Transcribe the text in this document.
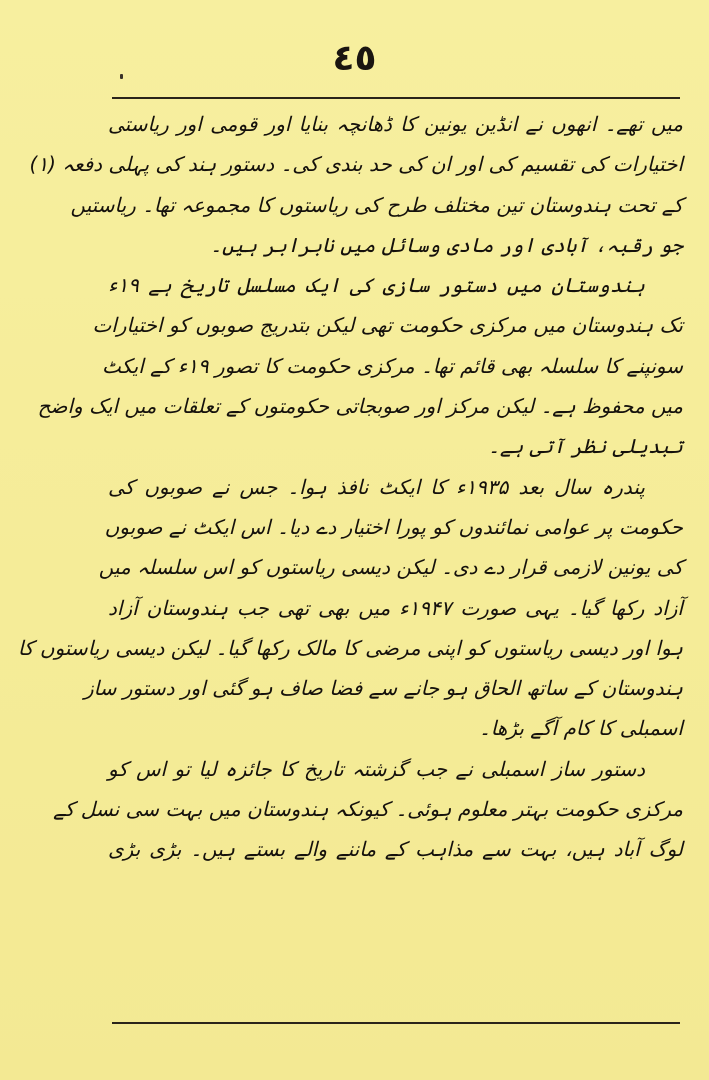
٤٥
میں تھے۔ انھوں نے انڈین یونین کا ڈھانچہ بنایا اور قومی اور ریاستی
اختیارات کی تقسیم کی اور ان کی حد بندی کی۔ دستور ہند کی پہلی دفعہ (۱)
کے تحت ہندوستان تین مختلف طرح کی ریاستوں کا مجموعہ تھا۔ ریاستیں
جو رقبہ، آبادی اور مادی وسائل میں نابرابر ہیں۔
ہندوستان میں دستور سازی کی ایک مسلسل تاریخ ہے ۱۹ء
تک ہندوستان میں مرکزی حکومت تھی لیکن بتدریج صوبوں کو اختیارات
سونپنے کا سلسلہ بھی قائم تھا۔ مرکزی حکومت کا تصور ۱۹ء کے ایکٹ
میں محفوظ ہے۔ لیکن مرکز اور صوبجاتی حکومتوں کے تعلقات میں ایک واضح
تبدیلی نظر آتی ہے۔
پندرہ سال بعد ۱۹۳۵ء کا ایکٹ نافذ ہوا۔ جس نے صوبوں کی
حکومت پر عوامی نمائندوں کو پورا اختیار دے دیا۔ اس ایکٹ نے صوبوں
کی یونین لازمی قرار دے دی۔ لیکن دیسی ریاستوں کو اس سلسلہ میں
آزاد رکھا گیا۔ یہی صورت ۱۹۴۷ء میں بھی تھی جب ہندوستان آزاد
ہوا اور دیسی ریاستوں کو اپنی مرضی کا مالک رکھا گیا۔ لیکن دیسی ریاستوں کا
ہندوستان کے ساتھ الحاق ہو جانے سے فضا صاف ہو گئی اور دستور ساز
اسمبلی کا کام آگے بڑھا۔
دستور ساز اسمبلی نے جب گزشتہ تاریخ کا جائزہ لیا تو اس کو
مرکزی حکومت بہتر معلوم ہوئی۔ کیونکہ ہندوستان میں بہت سی نسل کے
لوگ آباد ہیں، بہت سے مذاہب کے ماننے والے بستے ہیں۔ بڑی بڑی
